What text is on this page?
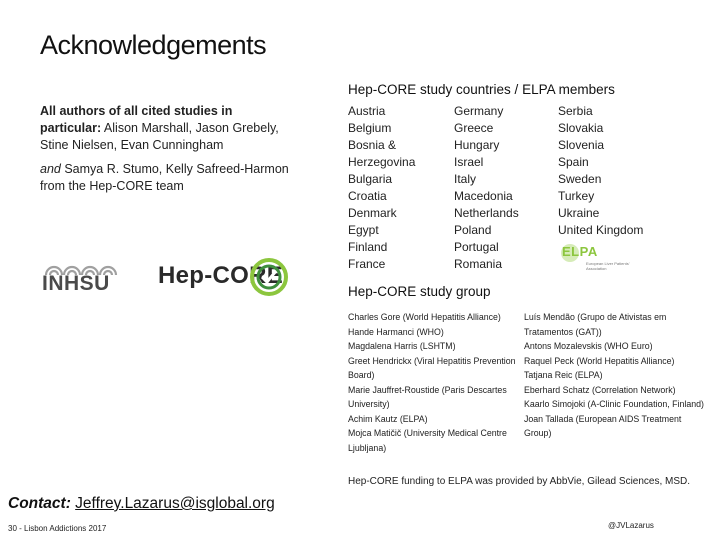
Acknowledgements

All authors of all cited studies in particular: Alison Marshall, Jason Grebely, Stine Nielsen, Evan Cunningham

and Samya R. Stumo, Kelly Safreed-Harmon from the Hep-CORE team

INHSU Hep-CORE
Hep-CORE study countries / ELPA members
Austria
Belgium
Bosnia &
Herzegovina
Bulgaria
Croatia
Denmark
Egypt
Finland
France
Germany
Greece
Hungary
Israel
Italy
Macedonia
Netherlands
Poland
Portugal
Romania
Serbia
Slovakia
Slovenia
Spain
Sweden
Turkey
Ukraine
United Kingdom
ELPA
European Liver Patients' Association
Hep-CORE study group
Charles Gore (World Hepatitis Alliance)
Hande Harmanci (WHO)
Magdalena Harris (LSHTM)
Greet Hendrickx (Viral Hepatitis Prevention Board)
Marie Jauffret-Roustide (Paris Descartes University)
Achim Kautz (ELPA)
Mojca Matičič (University Medical Centre Ljubljana)
Luís Mendão (Grupo de Ativistas em Tratamentos (GAT))
Antons Mozalevskis (WHO Euro)
Raquel Peck (World Hepatitis Alliance)
Tatjana Reic (ELPA)
Eberhard Schatz (Correlation Network)
Kaarlo Simojoki (A-Clinic Foundation, Finland)
Joan Tallada (European AIDS Treatment Group)
Hep-CORE funding to ELPA was provided by AbbVie, Gilead Sciences, MSD.
Contact: Jeffrey.Lazarus@isglobal.org
30 - Lisbon Addictions 2017	@JVLazarus
